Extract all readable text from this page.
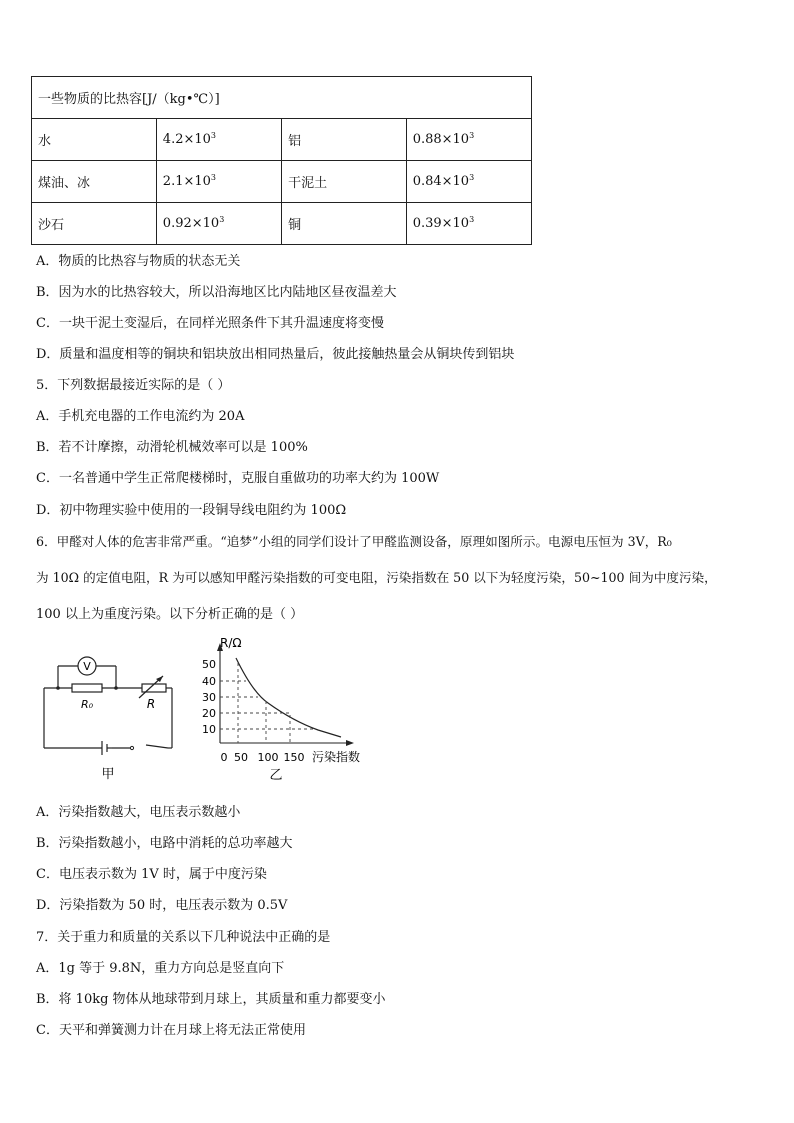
一些物质的比热容[J/（kg•℃）]			
水	$4.2\times 10^3$	铝	$0.88\times 10^3$
煤油、冰	$2.1\times 10^3$	干泥土	$0.84\times 10^3$
沙石	$0.92\times 10^3$	铜	$0.39\times 10^3$
A．物质的比热容与物质的状态无关
B．因为水的比热容较大，所以沿海地区比内陆地区昼夜温差大
C．一块干泥土变湿后，在同样光照条件下其升温速度将变慢
D．质量和温度相等的铜块和铝块放出相同热量后，彼此接触热量会从铜块传到铝块
5．下列数据最接近实际的是（ ）
A．手机充电器的工作电流约为 20A
B．若不计摩擦，动滑轮机械效率可以是 100%
C．一名普通中学生正常爬楼梯时，克服自重做功的功率大约为 100W
D．初中物理实验中使用的一段铜导线电阻约为 100Ω
6．甲醛对人体的危害非常严重。“追梦”小组的同学们设计了甲醛监测设备，原理如图所示。电源电压恒为 3V，R₀
为 10Ω 的定值电阻，R 为可以感知甲醛污染指数的可变电阻，污染指数在 50 以下为轻度污染，50~100 间为中度污染，
100 以上为重度污染。以下分析正确的是（ ）
V
R₀	R
甲
R/Ω
50
40
30
20
10
0 50 100 150 污染指数
乙
A．污染指数越大，电压表示数越小
B．污染指数越小，电路中消耗的总功率越大
C．电压表示数为 1V 时，属于中度污染
D．污染指数为 50 时，电压表示数为 0.5V
7．关于重力和质量的关系以下几种说法中正确的是
A．1g 等于 9.8N，重力方向总是竖直向下
B．将 10kg 物体从地球带到月球上，其质量和重力都要变小
C．天平和弹簧测力计在月球上将无法正常使用
